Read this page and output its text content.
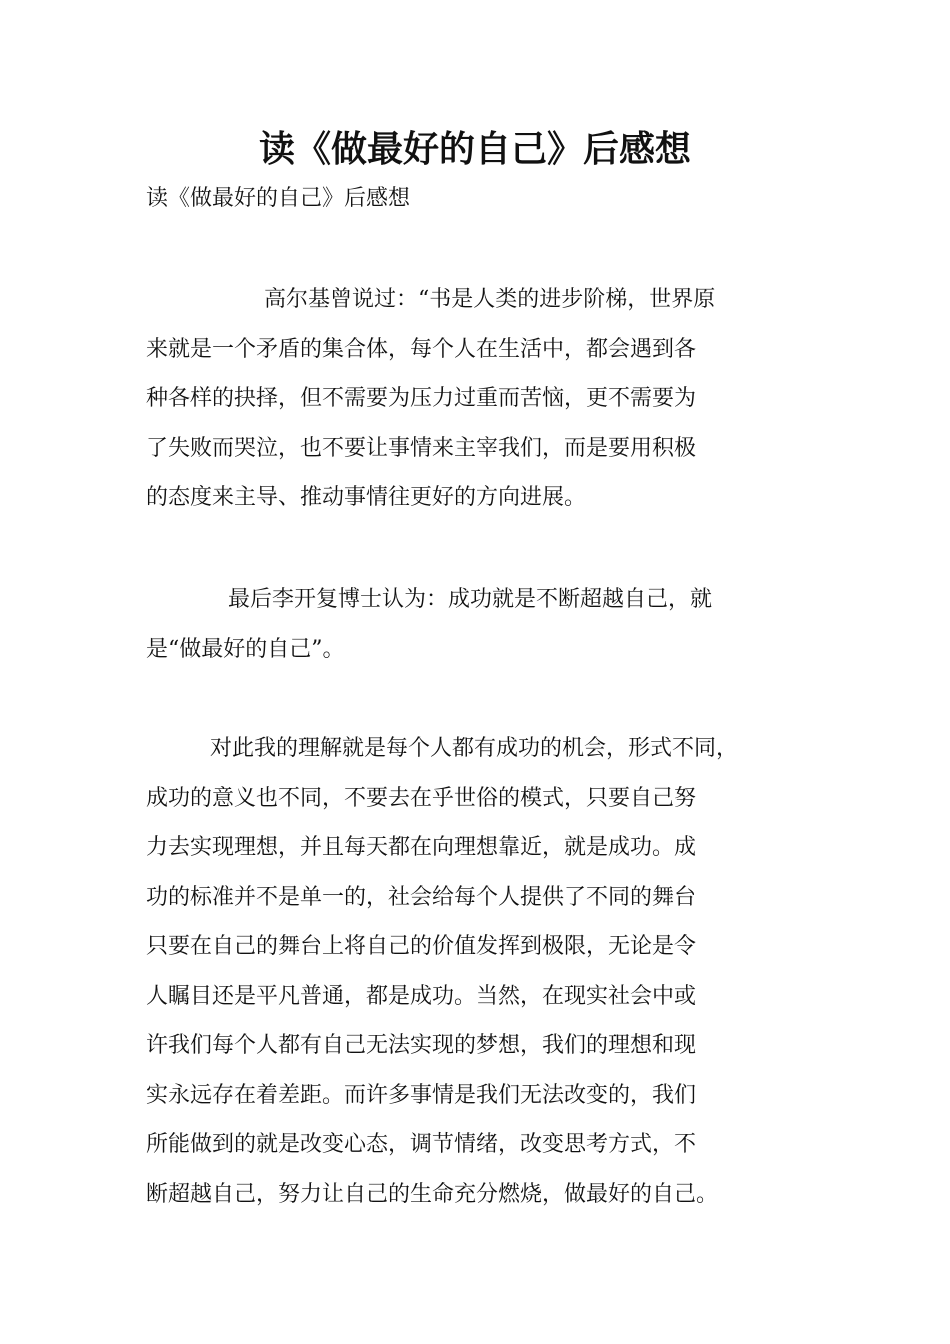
读《做最好的自己》后感想

读《做最好的自己》后感想

高尔基曾说过：“书是人类的进步阶梯，世界原
来就是一个矛盾的集合体，每个人在生活中，都会遇到各
种各样的抉择，但不需要为压力过重而苦恼，更不需要为
了失败而哭泣，也不要让事情来主宰我们，而是要用积极
的态度来主导、推动事情往更好的方向进展。

最后李开复博士认为：成功就是不断超越自己，就
是“做最好的自己”。

对此我的理解就是每个人都有成功的机会，形式不同，
成功的意义也不同，不要去在乎世俗的模式，只要自己努
力去实现理想，并且每天都在向理想靠近，就是成功。成
功的标准并不是单一的，社会给每个人提供了不同的舞台
只要在自己的舞台上将自己的价值发挥到极限，无论是令
人瞩目还是平凡普通，都是成功。当然，在现实社会中或
许我们每个人都有自己无法实现的梦想，我们的理想和现
实永远存在着差距。而许多事情是我们无法改变的，我们
所能做到的就是改变心态，调节情绪，改变思考方式，不
断超越自己，努力让自己的生命充分燃烧，做最好的自己。
